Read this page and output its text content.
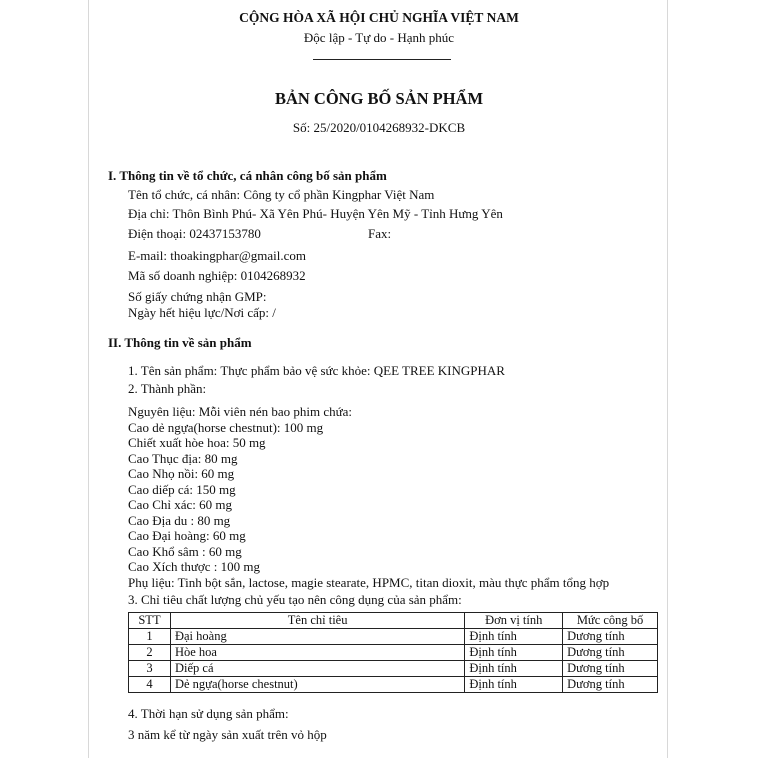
CỘNG HÒA XÃ HỘI CHỦ NGHĨA VIỆT NAM
Độc lập - Tự do - Hạnh phúc
BẢN CÔNG BỐ SẢN PHẨM
Số: 25/2020/0104268932-DKCB
I. Thông tin về tổ chức, cá nhân công bố sản phẩm
Tên tổ chức, cá nhân: Công ty cổ phần Kingphar Việt Nam
Địa chỉ: Thôn Bình Phú- Xã Yên Phú- Huyện Yên Mỹ - Tỉnh Hưng Yên
Điện thoại: 02437153780	Fax:
E-mail: thoakingphar@gmail.com
Mã số doanh nghiệp: 0104268932
Số giấy chứng nhận GMP:
Ngày hết hiệu lực/Nơi cấp: /
II. Thông tin về sản phẩm
1. Tên sản phẩm: Thực phẩm bảo vệ sức khỏe: QEE TREE KINGPHAR
2. Thành phần:
Nguyên liệu: Mỗi viên nén bao phim chứa:
Cao dẻ ngựa(horse chestnut): 100 mg
Chiết xuất hòe hoa: 50 mg
Cao Thục địa: 80 mg
Cao Nhọ nồi: 60 mg
Cao diếp cá: 150 mg
Cao Chỉ xác: 60 mg
Cao Địa du : 80 mg
Cao Đại hoàng: 60 mg
Cao Khổ sâm : 60 mg
Cao Xích thược : 100 mg
Phụ liệu: Tinh bột sắn, lactose, magie stearate, HPMC, titan dioxit, màu thực phẩm tổng hợp
3. Chỉ tiêu chất lượng chủ yếu tạo nên công dụng của sản phẩm:
STT	Tên chỉ tiêu	Đơn vị tính	Mức công bố
1	Đại hoàng	Định tính	Dương tính
2	Hòe hoa	Định tính	Dương tính
3	Diếp cá	Định tính	Dương tính
4	Dẻ ngựa(horse chestnut)	Định tính	Dương tính
4. Thời hạn sử dụng sản phẩm:
3 năm kể từ ngày sản xuất trên vỏ hộp
